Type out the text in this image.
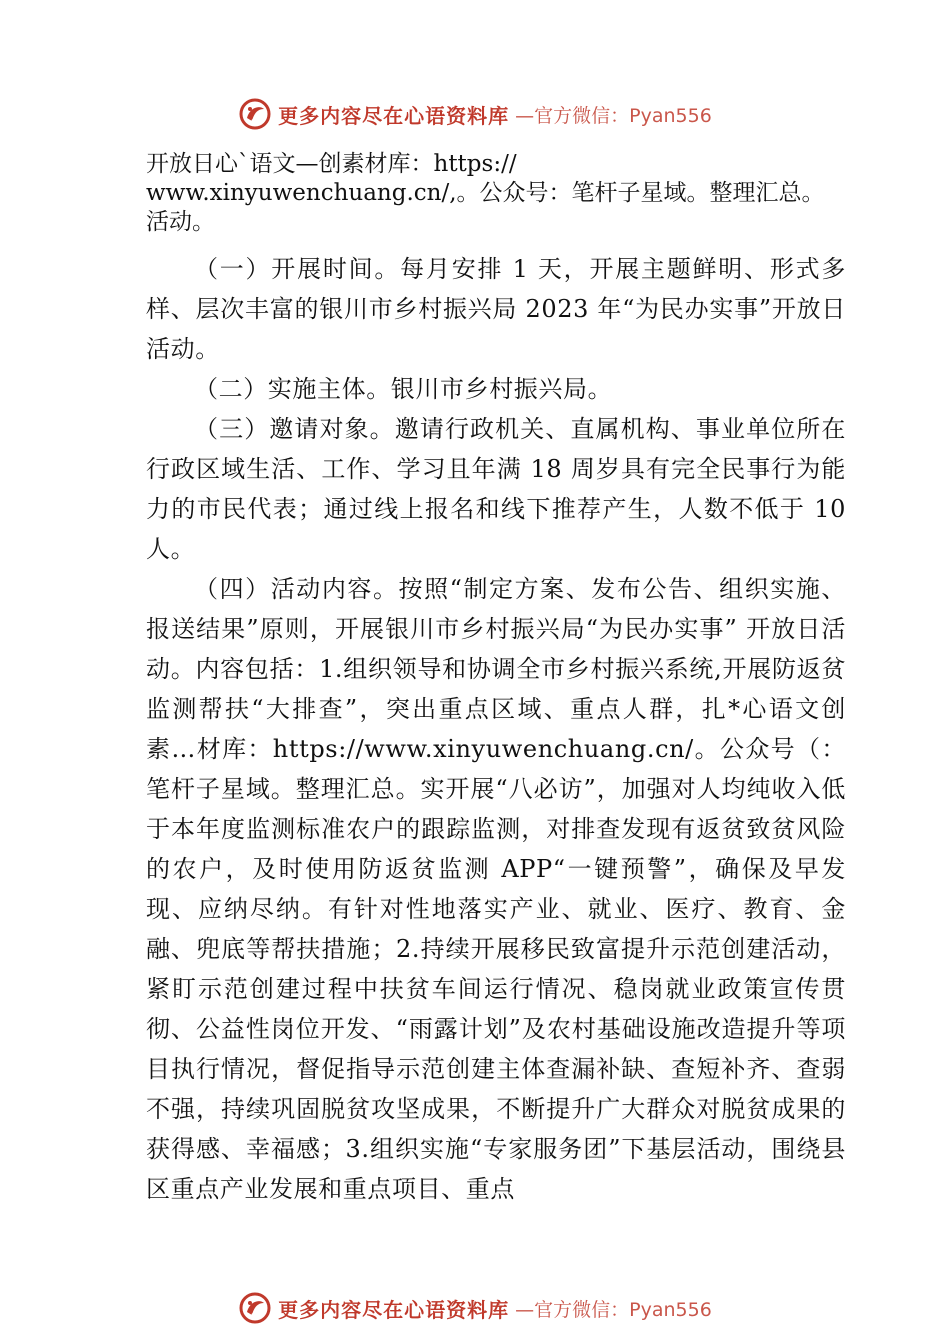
更多内容尽在心语资料库 —官方微信：Pyan556
开放日心`语文—创素材库：https://
www.xinyuwenchuang.cn/,。公众号：笔杆子星域。整理汇总。
活动。

（一）开展时间。每月安排 1 天，开展主题鲜明、形式多样、层次丰富的银川市乡村振兴局 2023 年“为民办实事”开放日活动。

（二）实施主体。银川市乡村振兴局。

（三）邀请对象。邀请行政机关、直属机构、事业单位所在行政区域生活、工作、学习且年满 18 周岁具有完全民事行为能力的市民代表；通过线上报名和线下推荐产生，人数不低于 10 人。

（四）活动内容。按照“制定方案、发布公告、组织实施、报送结果”原则，开展银川市乡村振兴局“为民办实事” 开放日活动。内容包括：1.组织领导和协调全市乡村振兴系统,开展防返贫监测帮扶“大排查”，突出重点区域、重点人群，扎*心语文创素…材库：https://www.xinyuwenchuang.cn/。公众号（：笔杆子星域。整理汇总。实开展“八必访”，加强对人均纯收入低于本年度监测标准农户的跟踪监测，对排查发现有返贫致贫风险的农户，及时使用防返贫监测 APP“一键预警”，确保及早发现、应纳尽纳。有针对性地落实产业、就业、医疗、教育、金融、兜底等帮扶措施；2.持续开展移民致富提升示范创建活动，紧盯示范创建过程中扶贫车间运行情况、稳岗就业政策宣传贯彻、公益性岗位开发、“雨露计划”及农村基础设施改造提升等项目执行情况，督促指导示范创建主体查漏补缺、查短补齐、查弱不强，持续巩固脱贫攻坚成果，不断提升广大群众对脱贫成果的获得感、幸福感；3.组织实施“专家服务团”下基层活动，围绕县区重点产业发展和重点项目、重点

更多内容尽在心语资料库 —官方微信：Pyan556
